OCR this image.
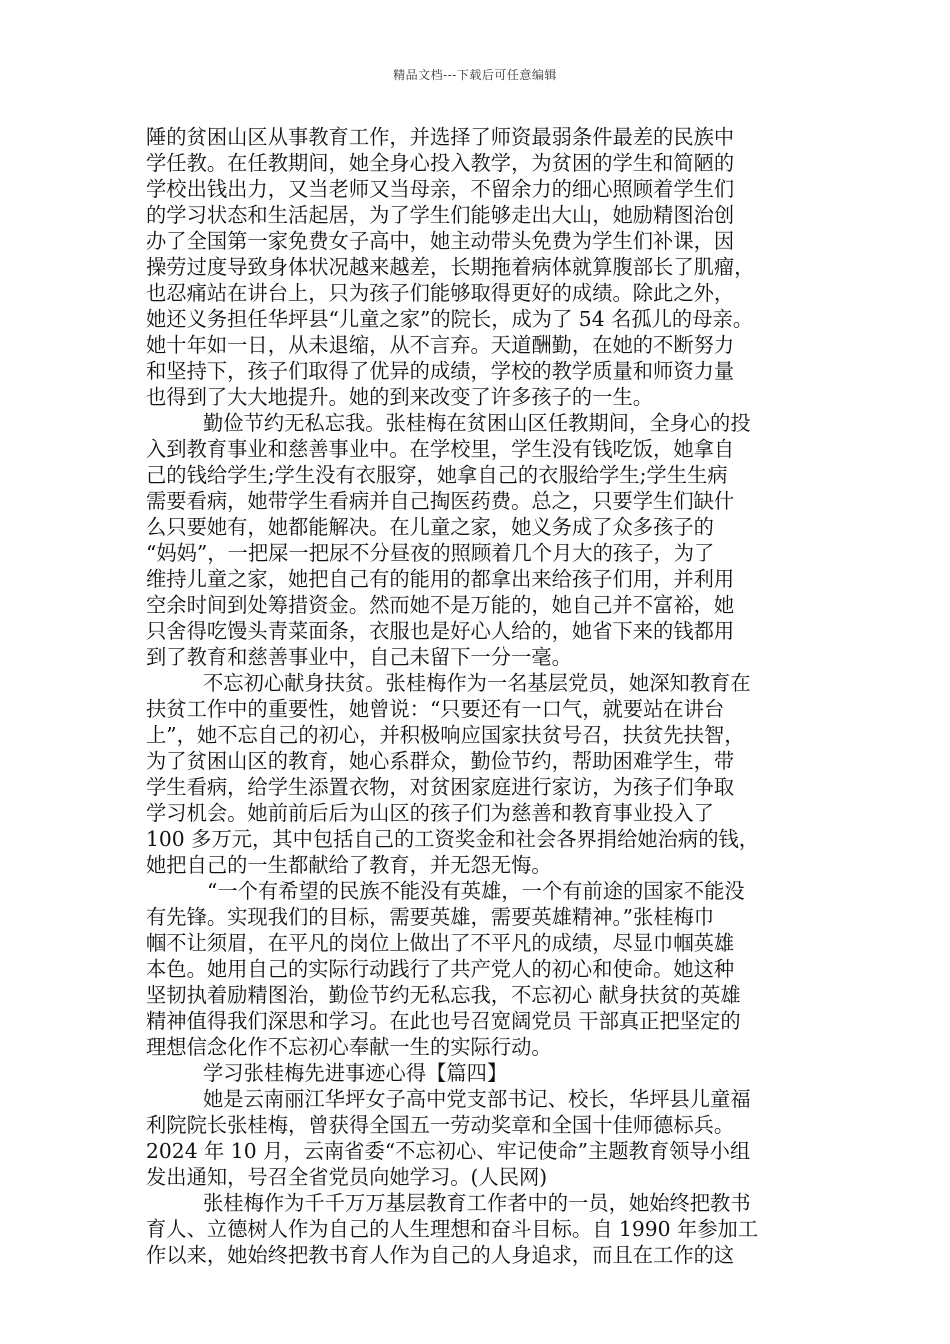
精品文档---下载后可任意编辑
陲的贫困山区从事教育工作，并选择了师资最弱条件最差的民族中
学任教。在任教期间，她全身心投入教学，为贫困的学生和简陋的
学校出钱出力，又当老师又当母亲，不留余力的细心照顾着学生们
的学习状态和生活起居，为了学生们能够走出大山，她励精图治创
办了全国第一家免费女子高中，她主动带头免费为学生们补课，因
操劳过度导致身体状况越来越差，长期拖着病体就算腹部长了肌瘤，
也忍痛站在讲台上，只为孩子们能够取得更好的成绩。除此之外，
她还义务担任华坪县“儿童之家”的院长，成为了 54 名孤儿的母亲。
她十年如一日，从未退缩，从不言弃。天道酬勤，在她的不断努力
和坚持下，孩子们取得了优异的成绩，学校的教学质量和师资力量
也得到了大大地提升。她的到来改变了许多孩子的一生。
勤俭节约无私忘我。张桂梅在贫困山区任教期间，全身心的投
入到教育事业和慈善事业中。在学校里，学生没有钱吃饭，她拿自
己的钱给学生;学生没有衣服穿，她拿自己的衣服给学生;学生生病
需要看病，她带学生看病并自己掏医药费。总之，只要学生们缺什
么只要她有，她都能解决。在儿童之家，她义务成了众多孩子的
“妈妈”，一把屎一把尿不分昼夜的照顾着几个月大的孩子，为了
维持儿童之家，她把自己有的能用的都拿出来给孩子们用，并利用
空余时间到处筹措资金。然而她不是万能的，她自己并不富裕，她
只舍得吃馒头青菜面条，衣服也是好心人给的，她省下来的钱都用
到了教育和慈善事业中，自己未留下一分一毫。
不忘初心献身扶贫。张桂梅作为一名基层党员，她深知教育在
扶贫工作中的重要性，她曾说：“只要还有一口气，就要站在讲台
上”，她不忘自己的初心，并积极响应国家扶贫号召，扶贫先扶智，
为了贫困山区的教育，她心系群众，勤俭节约，帮助困难学生，带
学生看病，给学生添置衣物，对贫困家庭进行家访，为孩子们争取
学习机会。她前前后后为山区的孩子们为慈善和教育事业投入了
100 多万元，其中包括自己的工资奖金和社会各界捐给她治病的钱，
她把自己的一生都献给了教育，并无怨无悔。
“一个有希望的民族不能没有英雄，一个有前途的国家不能没
有先锋。实现我们的目标，需要英雄，需要英雄精神。”张桂梅巾
帼不让须眉，在平凡的岗位上做出了不平凡的成绩，尽显巾帼英雄
本色。她用自己的实际行动践行了共产党人的初心和使命。她这种
坚韧执着励精图治，勤俭节约无私忘我，不忘初心 献身扶贫的英雄
精神值得我们深思和学习。在此也号召宽阔党员 干部真正把坚定的
理想信念化作不忘初心奉献一生的实际行动。
学习张桂梅先进事迹心得【篇四】
她是云南丽江华坪女子高中党支部书记、校长，华坪县儿童福
利院院长张桂梅，曾获得全国五一劳动奖章和全国十佳师德标兵。
2024 年 10 月，云南省委“不忘初心、牢记使命”主题教育领导小组
发出通知，号召全省党员向她学习。(人民网)
张桂梅作为千千万万基层教育工作者中的一员，她始终把教书
育人、立德树人作为自己的人生理想和奋斗目标。自 1990 年参加工
作以来，她始终把教书育人作为自己的人身追求，而且在工作的这
